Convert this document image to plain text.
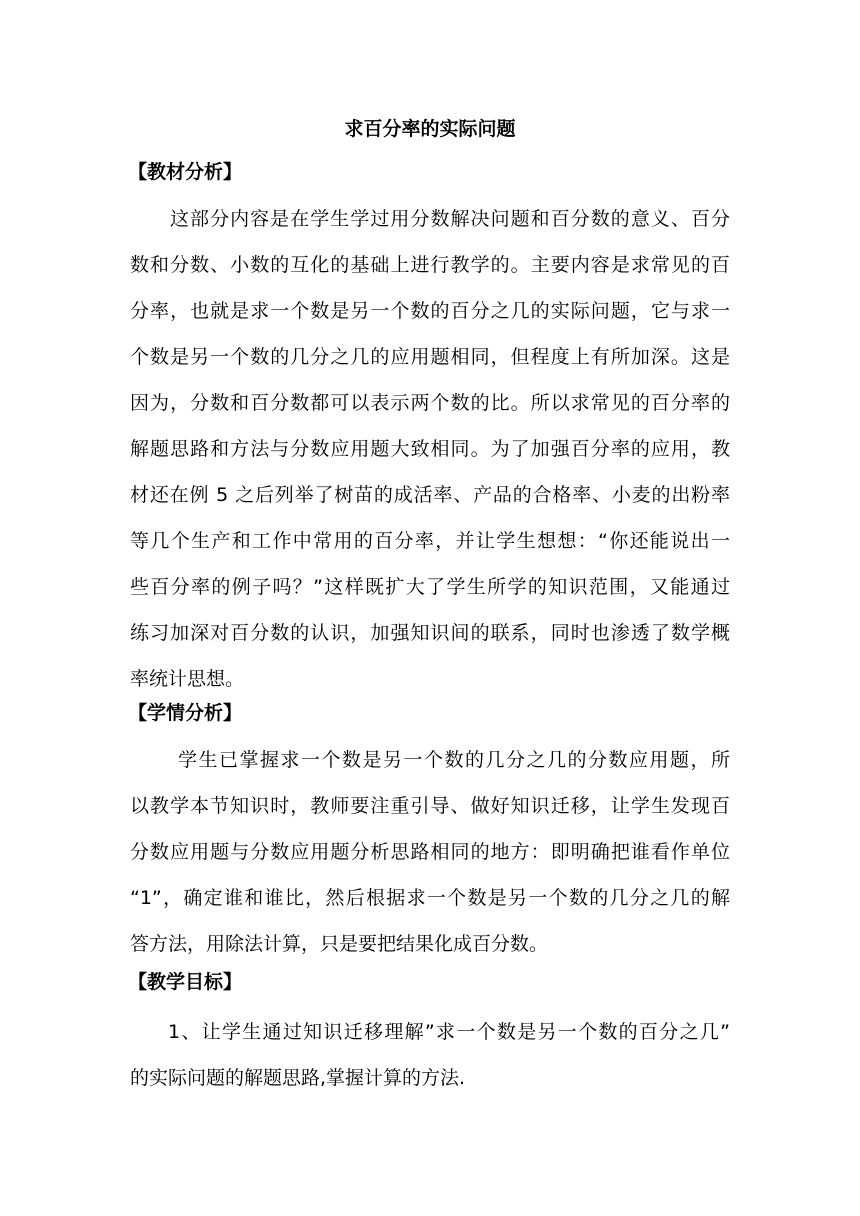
求百分率的实际问题
【教材分析】
这部分内容是在学生学过用分数解决问题和百分数的意义、百分
数和分数、小数的互化的基础上进行教学的。主要内容是求常见的百
分率，也就是求一个数是另一个数的百分之几的实际问题，它与求一
个数是另一个数的几分之几的应用题相同，但程度上有所加深。这是
因为，分数和百分数都可以表示两个数的比。所以求常见的百分率的
解题思路和方法与分数应用题大致相同。为了加强百分率的应用，教
材还在例 5 之后列举了树苗的成活率、产品的合格率、小麦的出粉率
等几个生产和工作中常用的百分率，并让学生想想：“你还能说出一
些百分率的例子吗？”这样既扩大了学生所学的知识范围，又能通过
练习加深对百分数的认识，加强知识间的联系，同时也渗透了数学概
率统计思想。
【学情分析】
学生已掌握求一个数是另一个数的几分之几的分数应用题，所
以教学本节知识时，教师要注重引导、做好知识迁移，让学生发现百
分数应用题与分数应用题分析思路相同的地方：即明确把谁看作单位
“1”，确定谁和谁比，然后根据求一个数是另一个数的几分之几的解
答方法，用除法计算，只是要把结果化成百分数。
【教学目标】
1、让学生通过知识迁移理解”求一个数是另一个数的百分之几”
的实际问题的解题思路,掌握计算的方法.
